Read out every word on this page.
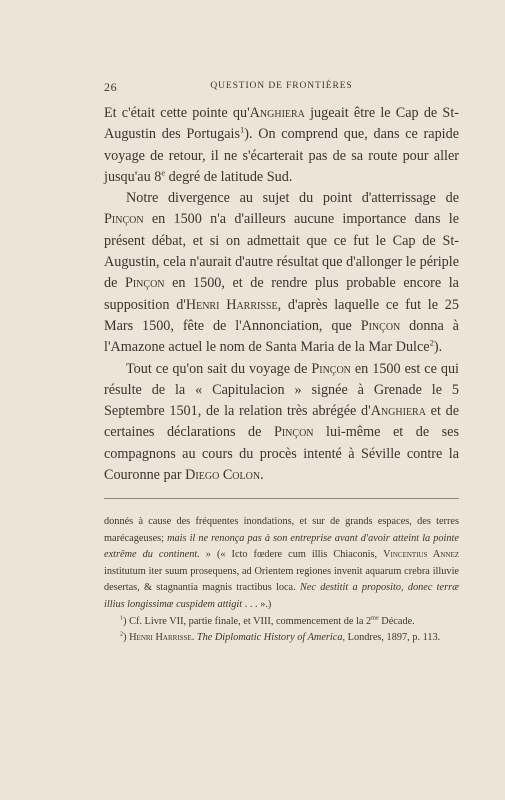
26	QUESTION DE FRONTIÈRES

Et c'était cette pointe qu'Anghiera jugeait être le Cap de St-Augustin des Portugais$^1$). On comprend que, dans ce rapide voyage de retour, il ne s'écarterait pas de sa route pour aller jusqu'au 8e degré de latitude Sud.

Notre divergence au sujet du point d'atterrissage de Pinçon en 1500 n'a d'ailleurs aucune importance dans le présent débat, et si on admettait que ce fut le Cap de St-Augustin, cela n'aurait d'autre résultat que d'allonger le périple de Pinçon en 1500, et de rendre plus probable encore la supposition d'Henri Harrisse, d'après laquelle ce fut le 25 Mars 1500, fête de l'Annonciation, que Pinçon donna à l'Amazone actuel le nom de Santa Maria de la Mar Dulce$^2$).

Tout ce qu'on sait du voyage de Pinçon en 1500 est ce qui résulte de la « Capitulacion » signée à Grenade le 5 Septembre 1501, de la relation très abrégée d'Anghiera et de certaines déclarations de Pinçon lui-même et de ses compagnons au cours du procès intenté à Séville contre la Couronne par Diego Colon.

donnés à cause des fréquentes inondations, et sur de grands espaces, des terres marécageuses; mais il ne renonça pas à son entreprise avant d'avoir atteint la pointe extrême du continent. » (« Icto fœdere cum illis Chiaconis, Vincentius Annez institutum iter suum prosequens, ad Orientem regiones invenit aquarum crebra illuvie desertas, & stagnantia magnis tractibus loca. Nec destitit a proposito, donec terræ illius longissimæ cuspidem attigit . . . ».)

$^1$) Cf. Livre VII, partie finale, et VIII, commencement de la $2^{me}$ Décade.

$^2$) Henri Harrisse. The Diplomatic History of America, Londres, 1897, p. 113.
